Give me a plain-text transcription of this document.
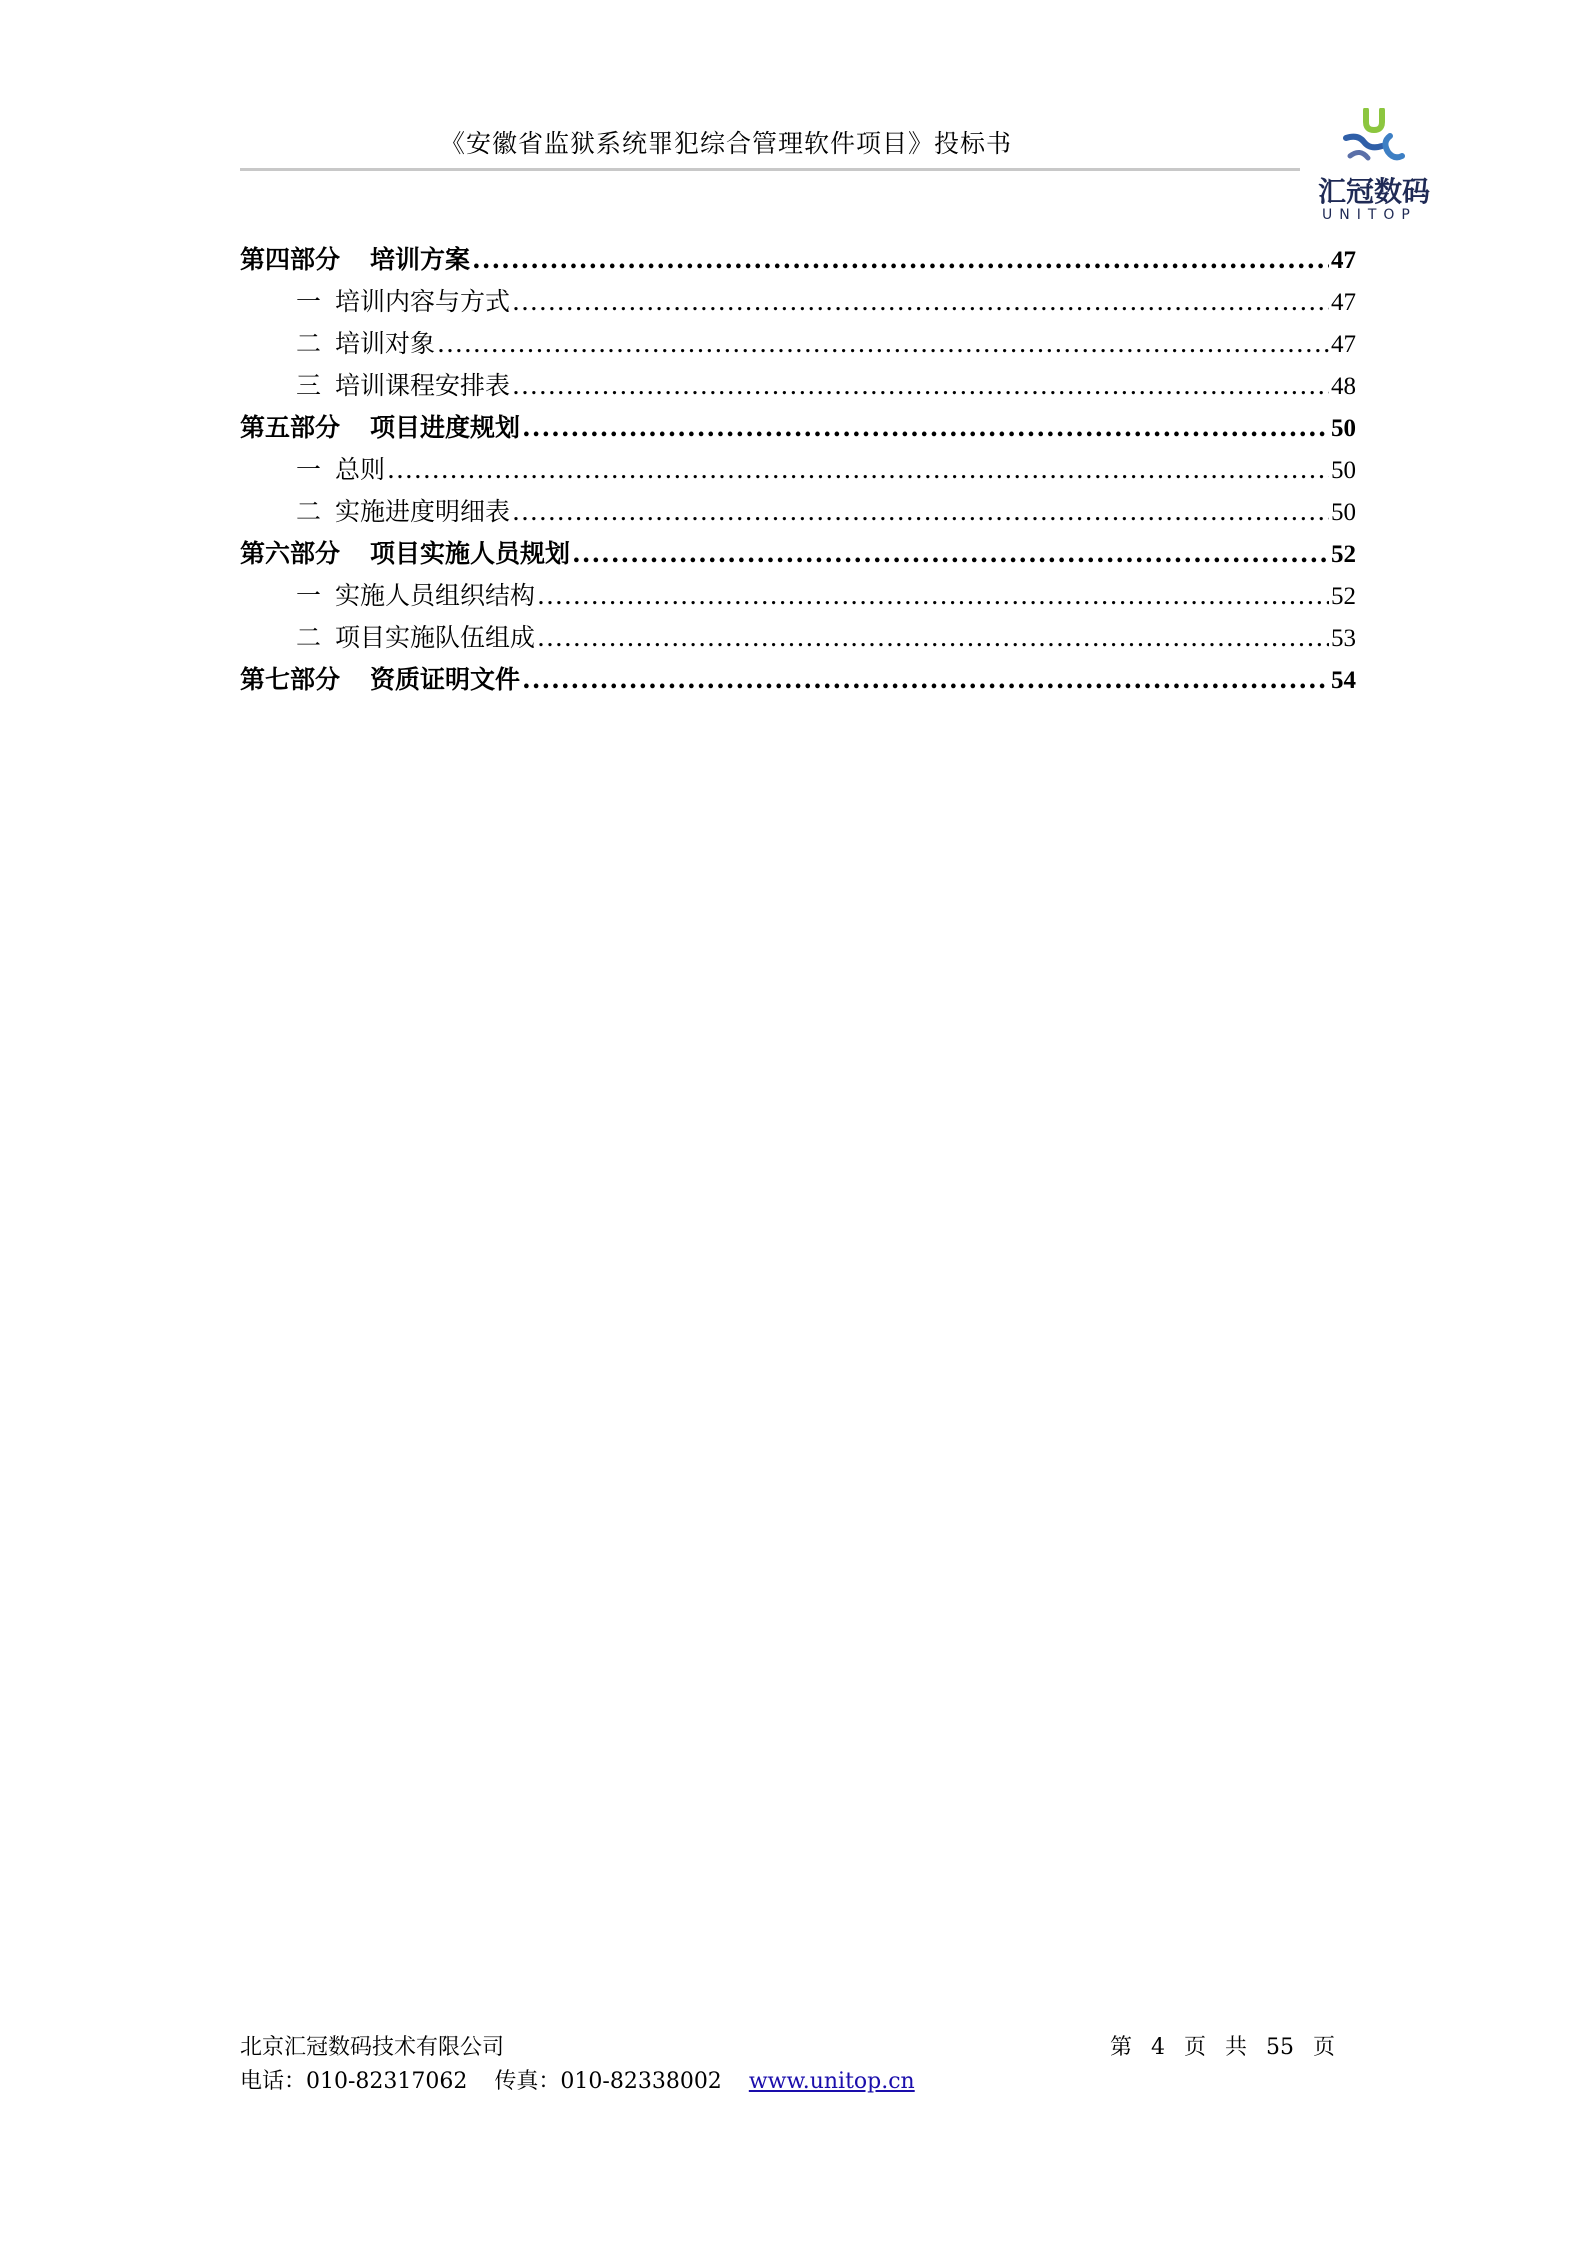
《安徽省监狱系统罪犯综合管理软件项目》投标书
汇冠数码
UNITOP
第四部分 培训方案 .....	47
一 培训内容与方式 .....	47
二 培训对象 .....	47
三 培训课程安排表 .....	48
第五部分 项目进度规划 .....	50
一 总则 .....	50
二 实施进度明细表 .....	50
第六部分 项目实施人员规划 .....	52
一 实施人员组织结构 .....	52
二 项目实施队伍组成 .....	53
第七部分 资质证明文件 .....	54
北京汇冠数码技术有限公司	第 4 页 共 55 页
电话：010-82317062 传真：010-82338002 www.unitop.cn
